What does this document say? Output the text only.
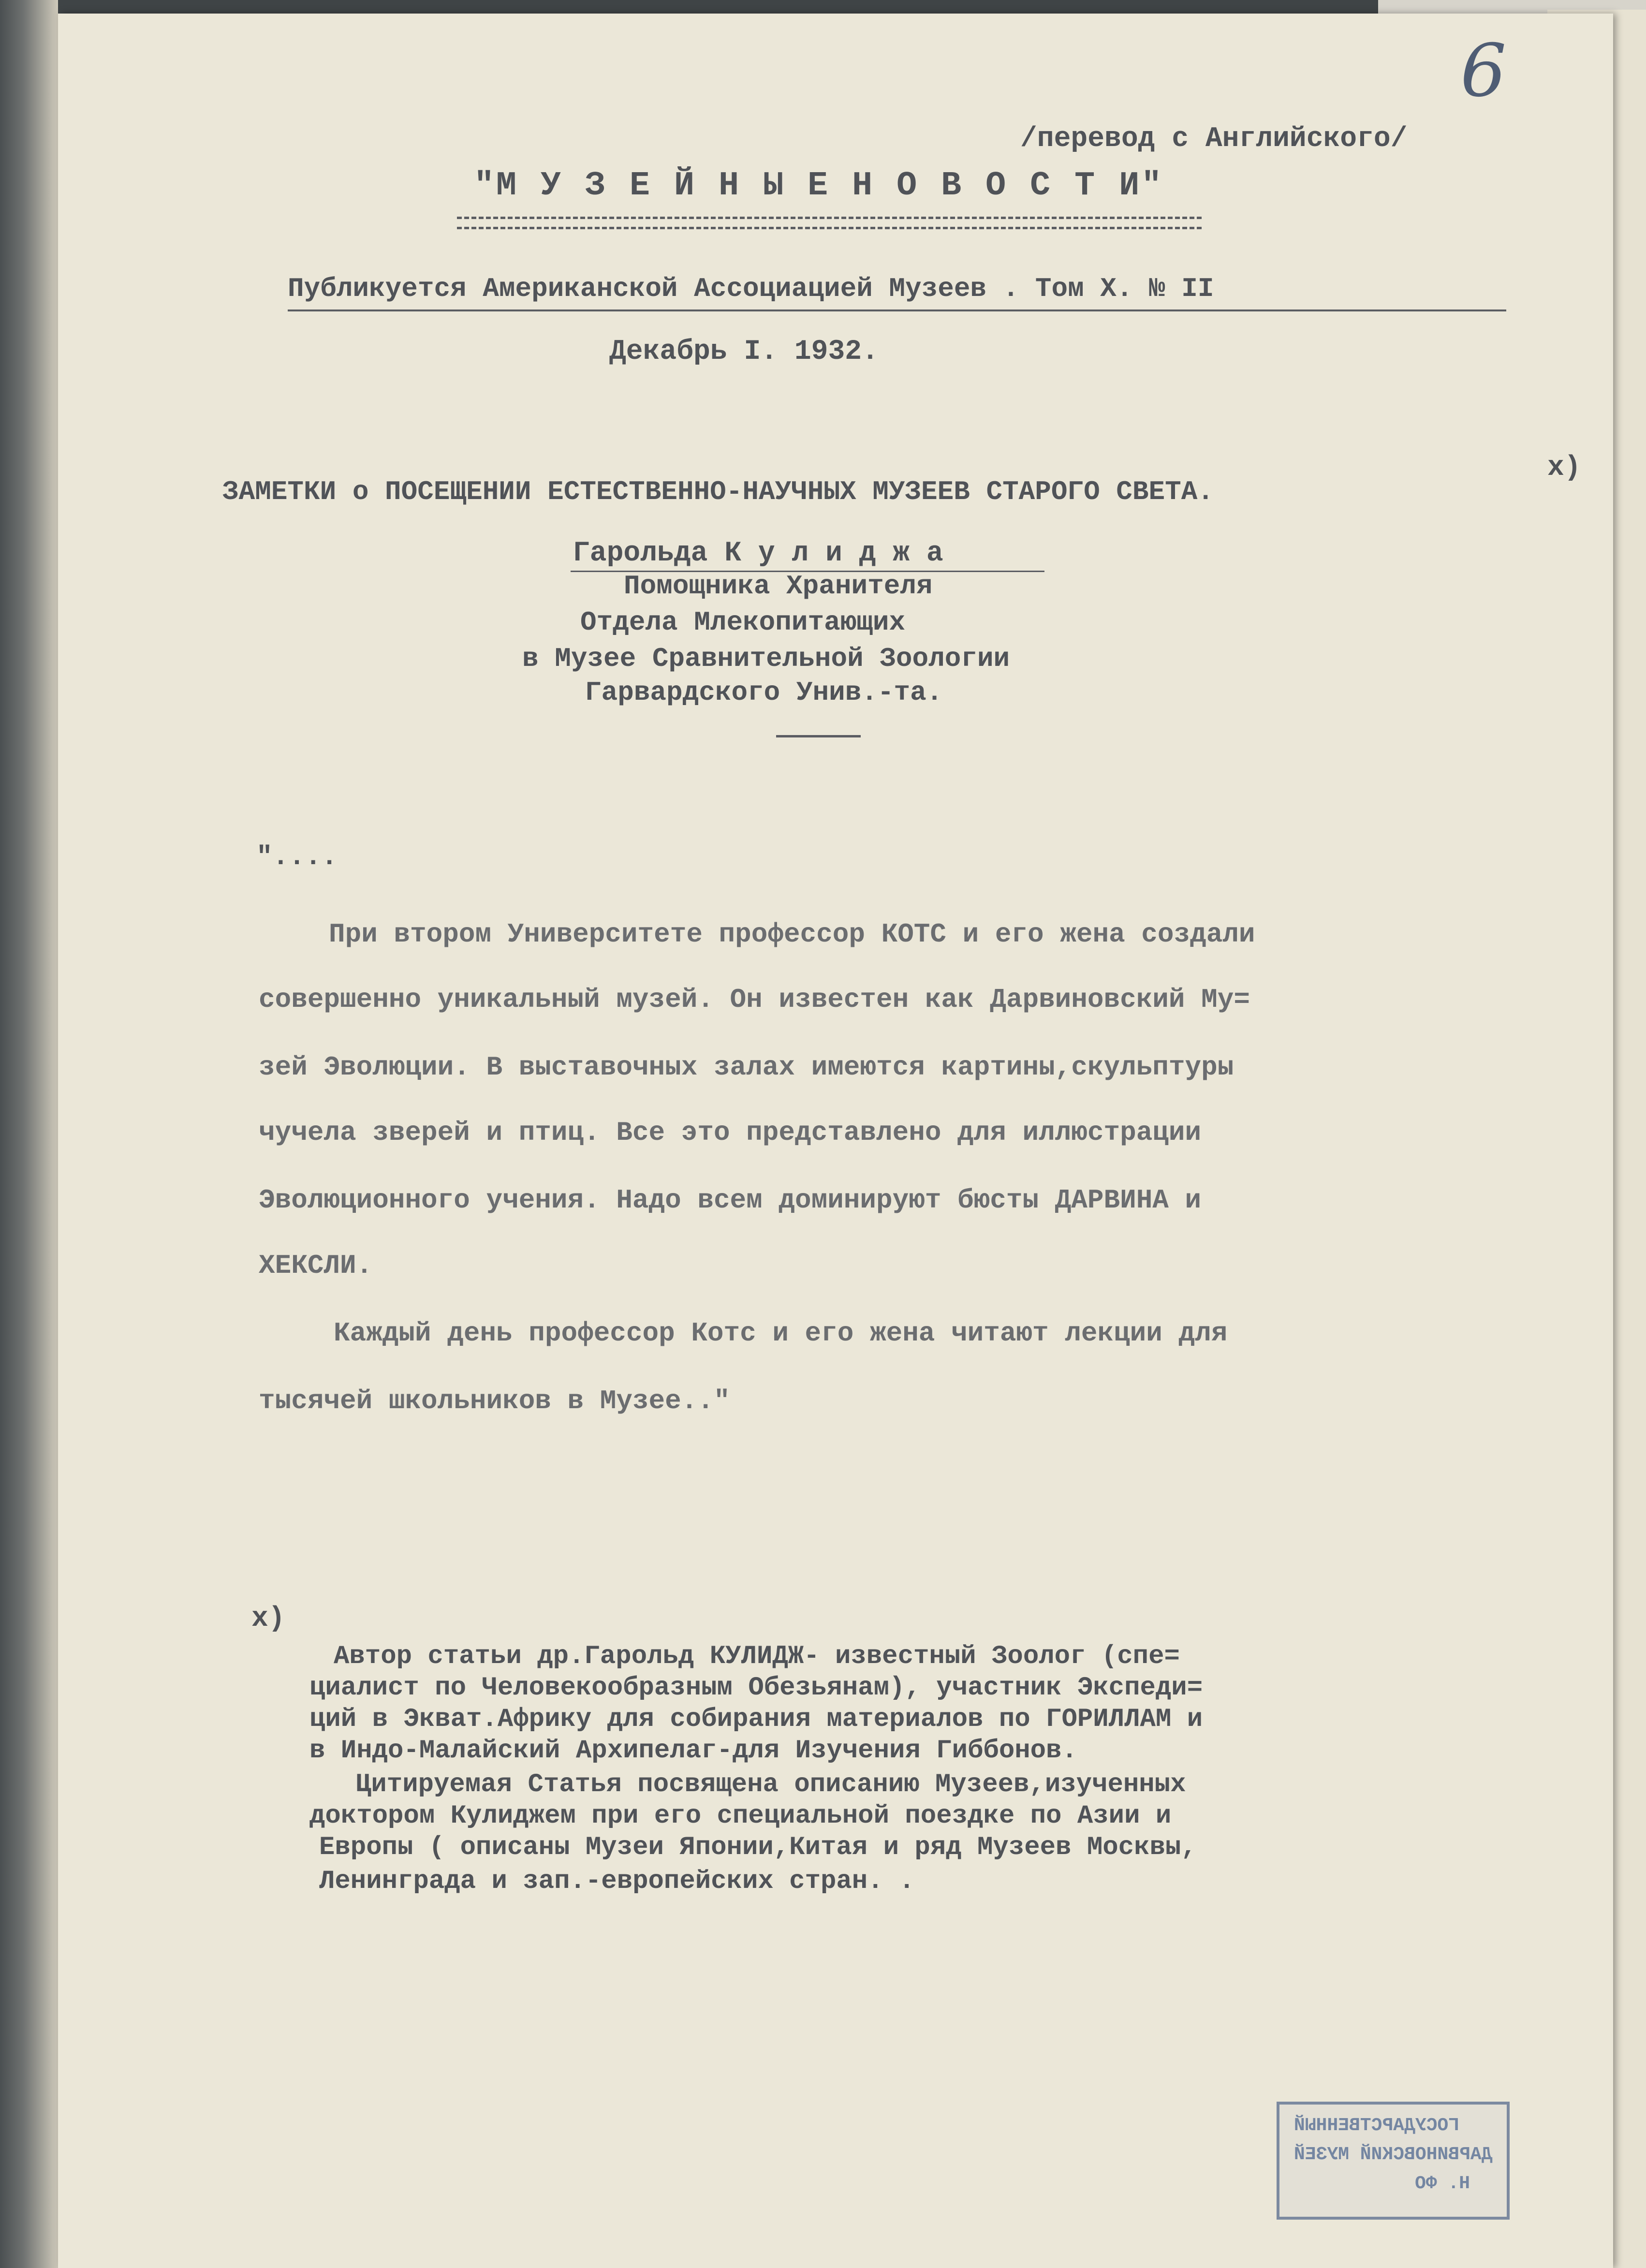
6
/перевод с Английского/
"М У З Е Й Н Ы Е Н О В О С Т И"
Публикуется Американской Ассоциацией Музеев . Том X. № II
Декабрь I. 1932.
ЗАМЕТКИ о ПОСЕЩЕНИИ ЕСТЕСТВЕННО-НАУЧНЫХ МУЗЕЕВ СТАРОГО СВЕТА.
x)
Гарольда К у л и д ж а
Помощника Хранителя
Отдела Млекопитающих
в Музее Сравнительной Зоологии
Гарвардского Унив.-та.
"....
При втором Университете профессор КОТС и его жена создали
совершенно уникальный музей. Он известен как Дарвиновский Му=
зей Эволюции. В выставочных залах имеются картины,скульптуры
чучела зверей и птиц. Все это представлено для иллюстрации
Эволюционного учения. Надо всем доминируют бюсты ДАРВИНА и
ХЕКСЛИ.
Каждый день профессор Котс и его жена читают лекции для
тысячей школьников в Музее.."
x)
Автор статьи др.Гарольд КУЛИДЖ- известный Зоолог (спе=
циалист по Человекообразным Обезьянам), участник Экспеди=
ций в Экват.Африку для собирания материалов по ГОРИЛЛАМ и
в Индо-Малайский Архипелаг-для Изучения Гиббонов.
Цитируемая Статья посвящена описанию Музеев,изученных
доктором Кулиджем при его специальной поездке по Азии и
Европы ( описаны Музеи Японии,Китая и ряд Музеев Москвы,
Ленинграда и зап.-европейских стран. .
ГОСУДАРСТВЕННЫЙ
ДАРВИНОВСКИЙ МУЗЕЙ
Н. ФО
